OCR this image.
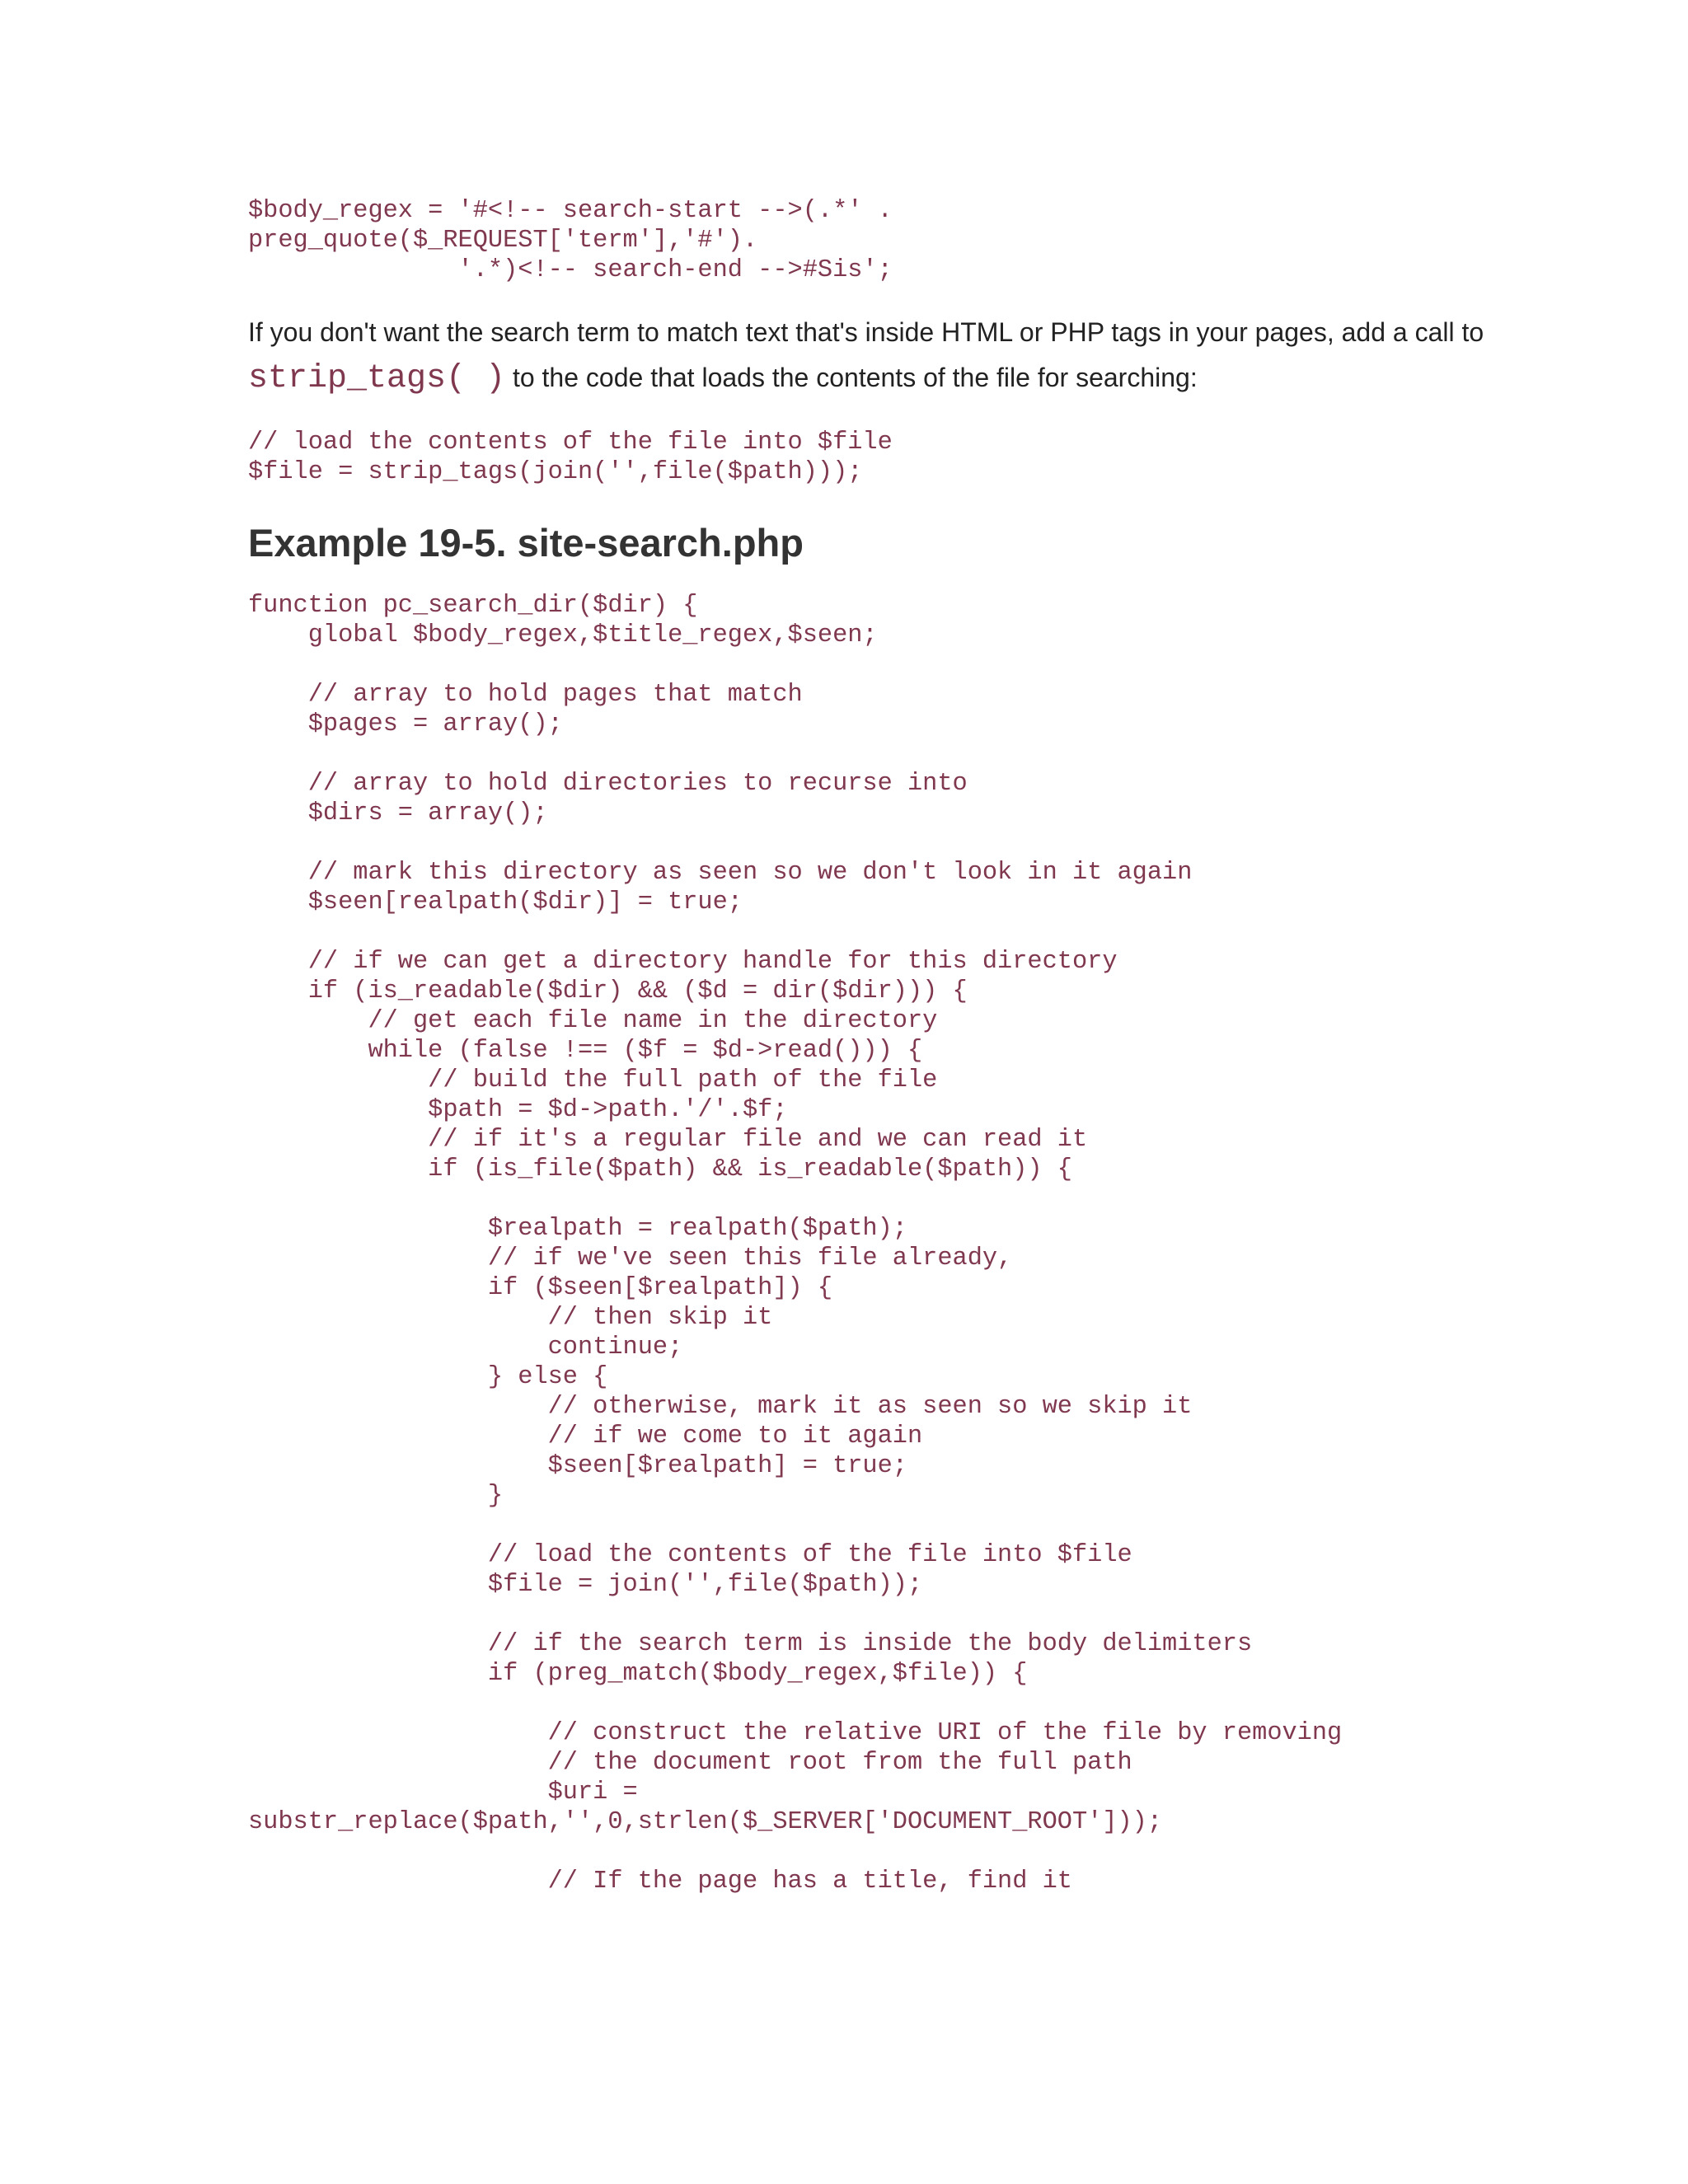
$body_regex = '#<!-- search-start -->(.*' .
preg_quote($_REQUEST['term'],'#').
'.*)<!-- search-end -->#Sis';

If you don't want the search term to match text that's inside HTML or PHP tags in your pages, add a call to strip_tags( ) to the code that loads the contents of the file for searching:

// load the contents of the file into $file
$file = strip_tags(join('',file($path)));
Example 19-5. site-search.php
function pc_search_dir($dir) {
global $body_regex,$title_regex,$seen;

// array to hold pages that match
$pages = array();

// array to hold directories to recurse into
$dirs = array();

// mark this directory as seen so we don't look in it again
$seen[realpath($dir)] = true;

// if we can get a directory handle for this directory
if (is_readable($dir) && ($d = dir($dir))) {
// get each file name in the directory
while (false !== ($f = $d->read())) {
// build the full path of the file
$path = $d->path.'/'.$f;
// if it's a regular file and we can read it
if (is_file($path) && is_readable($path)) {

$realpath = realpath($path);
// if we've seen this file already,
if ($seen[$realpath]) {
// then skip it
continue;
} else {
// otherwise, mark it as seen so we skip it
// if we come to it again
$seen[$realpath] = true;
}

// load the contents of the file into $file
$file = join('',file($path));

// if the search term is inside the body delimiters
if (preg_match($body_regex,$file)) {

// construct the relative URI of the file by removing
// the document root from the full path
$uri =
substr_replace($path,'',0,strlen($_SERVER['DOCUMENT_ROOT']));

// If the page has a title, find it
